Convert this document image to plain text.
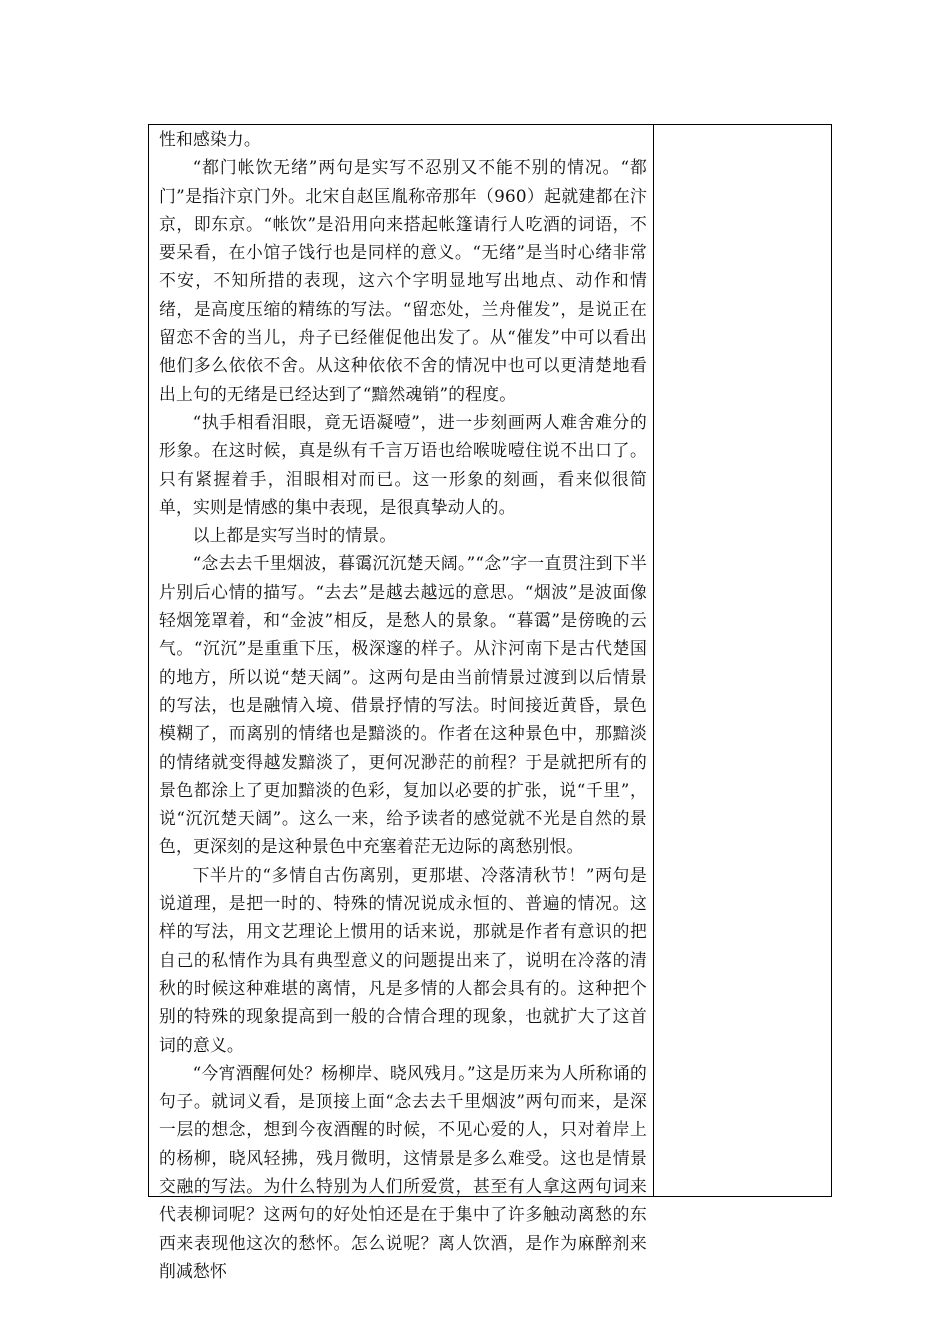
性和感染力。

“都门帐饮无绪”两句是实写不忍别又不能不别的情况。“都门”是指汴京门外。北宋自赵匡胤称帝那年（960）起就建都在汴京，即东京。“帐饮”是沿用向来搭起帐篷请行人吃酒的词语，不要呆看，在小馆子饯行也是同样的意义。“无绪”是当时心绪非常不安，不知所措的表现，这六个字明显地写出地点、动作和情绪，是高度压缩的精练的写法。“留恋处，兰舟催发”，是说正在留恋不舍的当儿，舟子已经催促他出发了。从“催发”中可以看出他们多么依依不舍。从这种依依不舍的情况中也可以更清楚地看出上句的无绪是已经达到了“黯然魂销”的程度。

“执手相看泪眼，竟无语凝噎”，进一步刻画两人难舍难分的形象。在这时候，真是纵有千言万语也给喉咙噎住说不出口了。只有紧握着手，泪眼相对而已。这一形象的刻画，看来似很简单，实则是情感的集中表现，是很真挚动人的。

以上都是实写当时的情景。

“念去去千里烟波，暮霭沉沉楚天阔。”“念”字一直贯注到下半片别后心情的描写。“去去”是越去越远的意思。“烟波”是波面像轻烟笼罩着，和“金波”相反，是愁人的景象。“暮霭”是傍晚的云气。“沉沉”是重重下压，极深邃的样子。从汴河南下是古代楚国的地方，所以说“楚天阔”。这两句是由当前情景过渡到以后情景的写法，也是融情入境、借景抒情的写法。时间接近黄昏，景色模糊了，而离别的情绪也是黯淡的。作者在这种景色中，那黯淡的情绪就变得越发黯淡了，更何况渺茫的前程？于是就把所有的景色都涂上了更加黯淡的色彩，复加以必要的扩张，说“千里”，说“沉沉楚天阔”。这么一来，给予读者的感觉就不光是自然的景色，更深刻的是这种景色中充塞着茫无边际的离愁别恨。

下半片的“多情自古伤离别，更那堪、冷落清秋节！”两句是说道理，是把一时的、特殊的情况说成永恒的、普遍的情况。这样的写法，用文艺理论上惯用的话来说，那就是作者有意识的把自己的私情作为具有典型意义的问题提出来了，说明在冷落的清秋的时候这种难堪的离情，凡是多情的人都会具有的。这种把个别的特殊的现象提高到一般的合情合理的现象，也就扩大了这首词的意义。

“今宵酒醒何处？杨柳岸、晓风残月。”这是历来为人所称诵的句子。就词义看，是顶接上面“念去去千里烟波”两句而来，是深一层的想念，想到今夜酒醒的时候，不见心爱的人，只对着岸上的杨柳，晓风轻拂，残月微明，这情景是多么难受。这也是情景交融的写法。为什么特别为人们所爱赏，甚至有人拿这两句词来代表柳词呢？这两句的好处怕还是在于集中了许多触动离愁的东西来表现他这次的愁怀。怎么说呢？离人饮酒，是作为麻醉剂来削减愁怀
